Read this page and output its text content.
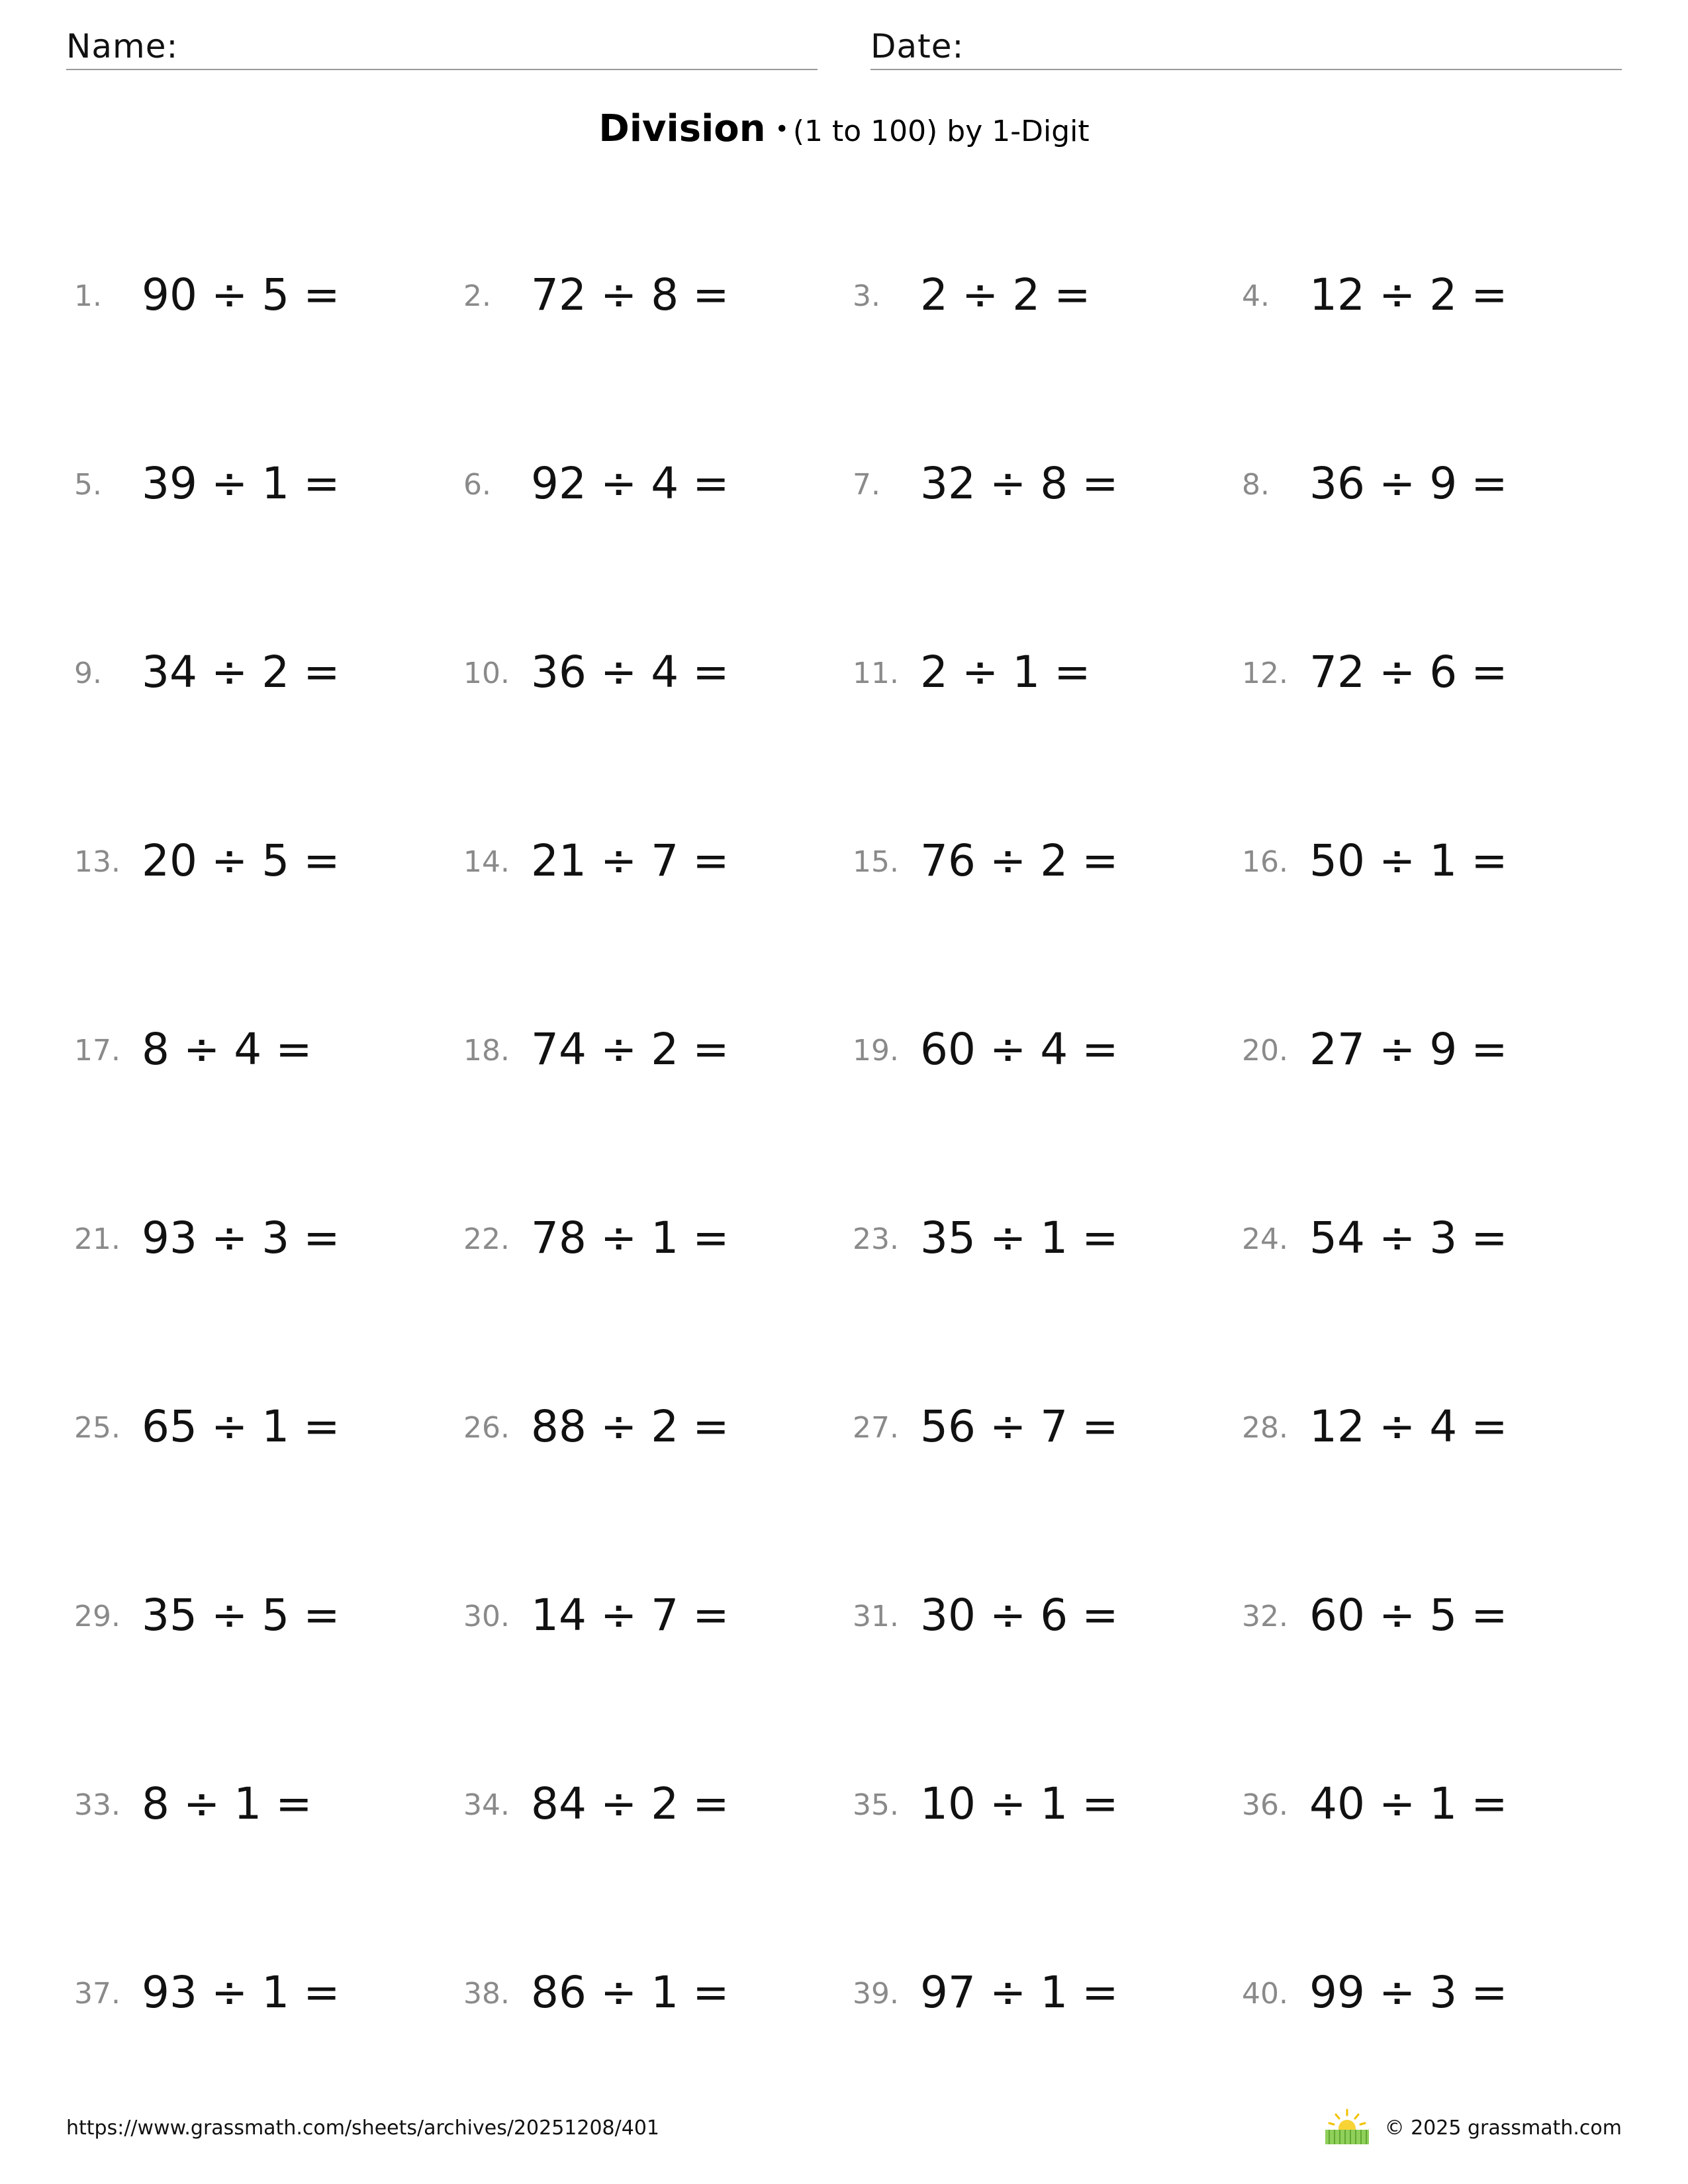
Name:	Date:
Division • (1 to 100) by 1-Digit
1. 90 ÷ 5 =	2. 72 ÷ 8 =	3. 2 ÷ 2 =	4. 12 ÷ 2 =
5. 39 ÷ 1 =	6. 92 ÷ 4 =	7. 32 ÷ 8 =	8. 36 ÷ 9 =
9. 34 ÷ 2 =	10. 36 ÷ 4 =	11. 2 ÷ 1 =	12. 72 ÷ 6 =
13. 20 ÷ 5 =	14. 21 ÷ 7 =	15. 76 ÷ 2 =	16. 50 ÷ 1 =
17. 8 ÷ 4 =	18. 74 ÷ 2 =	19. 60 ÷ 4 =	20. 27 ÷ 9 =
21. 93 ÷ 3 =	22. 78 ÷ 1 =	23. 35 ÷ 1 =	24. 54 ÷ 3 =
25. 65 ÷ 1 =	26. 88 ÷ 2 =	27. 56 ÷ 7 =	28. 12 ÷ 4 =
29. 35 ÷ 5 =	30. 14 ÷ 7 =	31. 30 ÷ 6 =	32. 60 ÷ 5 =
33. 8 ÷ 1 =	34. 84 ÷ 2 =	35. 10 ÷ 1 =	36. 40 ÷ 1 =
37. 93 ÷ 1 =	38. 86 ÷ 1 =	39. 97 ÷ 1 =	40. 99 ÷ 3 =
https://www.grassmath.com/sheets/archives/20251208/401	© 2025 grassmath.com
